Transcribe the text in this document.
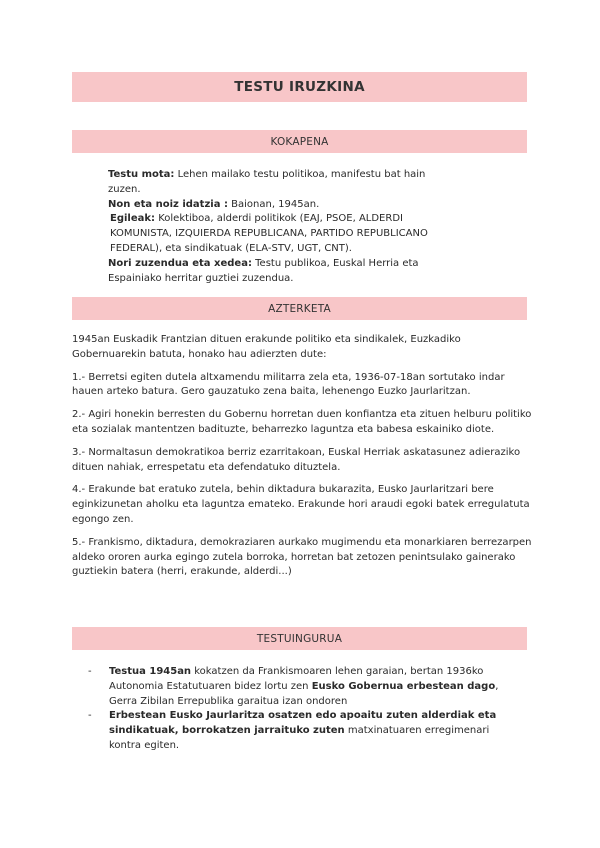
TESTU IRUZKINA
KOKAPENA

Testu mota: Lehen mailako testu politikoa, manifestu bat hain zuzen.

Non eta noiz idatzia : Baionan, 1945an.

Egileak: Kolektiboa, alderdi politikok (EAJ, PSOE, ALDERDI KOMUNISTA, IZQUIERDA REPUBLICANA, PARTIDO REPUBLICANO FEDERAL), eta sindikatuak (ELA-STV, UGT, CNT).

Nori zuzendua eta xedea: Testu publikoa, Euskal Herria eta Espainiako herritar guztiei zuzendua.

AZTERKETA

1945an Euskadik Frantzian dituen erakunde politiko eta sindikalek, Euzkadiko Gobernuarekin batuta, honako hau adierzten dute:

1.- Berretsi egiten dutela altxamendu militarra zela eta, 1936-07-18an sortutako indar hauen arteko batura. Gero gauzatuko zena baita, lehenengo Euzko Jaurlaritzan.

2.- Agiri honekin berresten du Gobernu horretan duen konfiantza eta zituen helburu politiko eta sozialak mantentzen badituzte, beharrezko laguntza eta babesa eskainiko diote.

3.- Normaltasun demokratikoa berriz ezarritakoan, Euskal Herriak askatasunez adieraziko dituen nahiak, errespetatu eta defendatuko dituztela.

4.- Erakunde bat eratuko zutela, behin diktadura bukarazita, Eusko Jaurlaritzari bere eginkizunetan aholku eta laguntza emateko. Erakunde hori araudi egoki batek erregulatuta egongo zen.

5.- Frankismo, diktadura, demokraziaren aurkako mugimendu eta monarkiaren berrezarpen aldeko ororen aurka egingo zutela borroka, horretan bat zetozen penintsulako gainerako guztiekin batera (herri, erakunde, alderdi...)

TESTUINGURUA

- Testua 1945an kokatzen da Frankismoaren lehen garaian, bertan 1936ko Autonomia Estatutuaren bidez lortu zen Eusko Gobernua erbestean dago, Gerra Zibilan Errepublika garaitua izan ondoren

- Erbestean Eusko Jaurlaritza osatzen edo apoaitu zuten alderdiak eta sindikatuak, borrokatzen jarraituko zuten matxinatuaren erregimenari kontra egiten.
